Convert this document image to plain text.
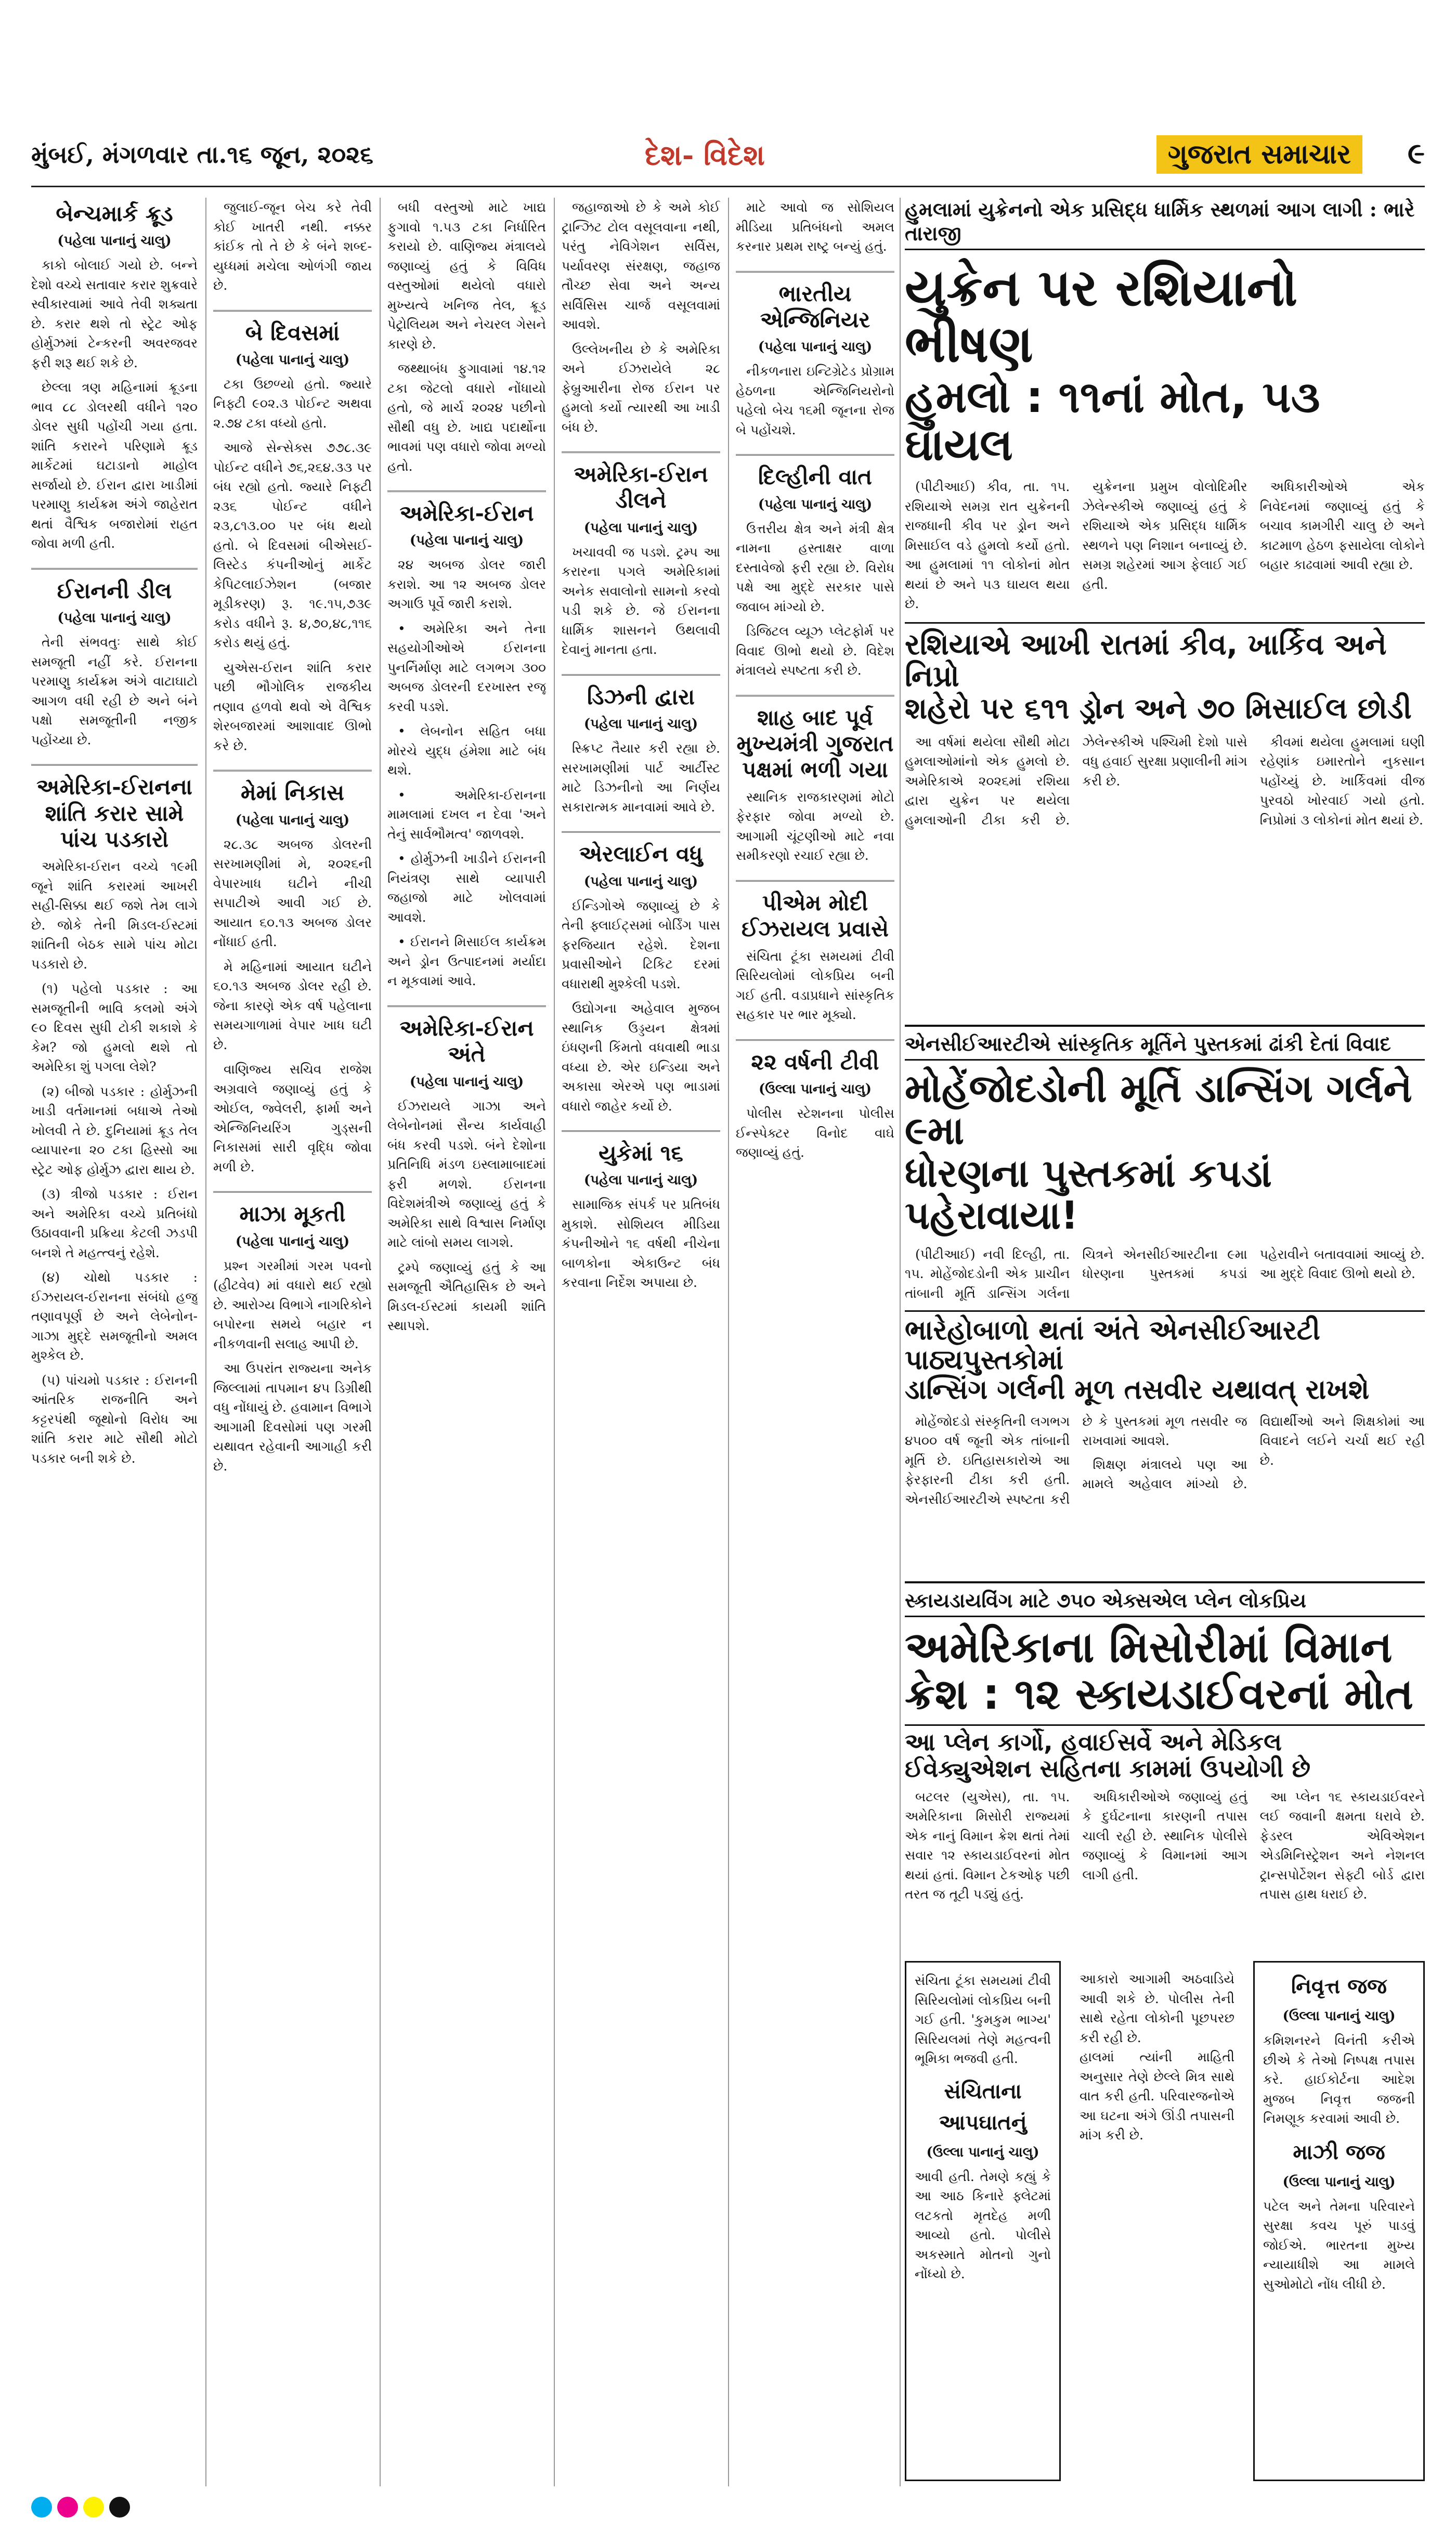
મુંબઈ, મંગળવાર તા.૧૬ જૂન, ૨૦૨૬	દેશ- વિદેશ	ગુજરાત સમાચાર	૯
બેન્ચમાર્ક ક્રૂડ
(પહેલા પાનાનું ચાલુ)

કાકો બોલાઈ ગયો છે. બન્ને દેશો વચ્ચે સતાવાર કરાર શુક્રવારે સ્વીકારવામાં આવે તેવી શક્યતા છે. કરાર થશે તો સ્ટ્રેટ ઓફ હોર્મુઝમાં ટેન્કરની અવરજવર ફરી શરૂ થઈ શકે છે.

છેલ્લા ત્રણ મહિનામાં ક્રૂડના ભાવ ૮૮ ડોલરથી વધીને ૧૨૦ ડોલર સુધી પહોંચી ગયા હતા. શાંતિ કરારને પરિણામે ક્રૂડ માર્કેટમાં ઘટાડાનો માહોલ સર્જાયો છે. ઈરાન દ્વારા ખાડીમાં પરમાણુ કાર્યક્રમ અંગે જાહેરાત થતાં વૈશ્વિક બજારોમાં રાહત જોવા મળી હતી.

ઈરાનની ડીલ
(પહેલા પાનાનું ચાલુ)

તેની સંભવતુઃ સાથે કોઈ સમજૂતી નહીં કરે. ઈરાનના પરમાણુ કાર્યક્રમ અંગે વાટાઘાટો આગળ વધી રહી છે અને બંને પક્ષો સમજૂતીની નજીક પહોંચ્યા છે.

અમેરિકા-ઈરાનના શાંતિ કરાર સામે પાંચ પડકારો

અમેરિકા-ઈરાન વચ્ચે ૧૯મી જૂને શાંતિ કરારમાં આખરી સહી-સિક્કા થઈ જશે તેમ લાગે છે. જોકે તેની મિડલ-ઈસ્ટમાં શાંતિની બેઠક સામે પાંચ મોટા પડકારો છે.

(૧) પહેલો પડકાર : આ સમજૂતીની ભાવિ કલમો અંગે ૯૦ દિવસ સુધી ટોકી શકાશે કે કેમ? જો હુમલો થશે તો અમેરિકા શું પગલા લેશે?

(૨) બીજો પડકાર : હોર્મુઝની ખાડી વર્તમાનમાં બધાએ તેઓ ખોલવી તે છે. દુનિયામાં ક્રૂડ તેલ વ્યાપારના ૨૦ ટકા હિસ્સો આ સ્ટ્રેટ ઓફ હોર્મુઝ દ્વારા થાય છે.

(૩) ત્રીજો પડકાર : ઈરાન અને અમેરિકા વચ્ચે પ્રતિબંધો ઉઠાવવાની પ્રક્રિયા કેટલી ઝડપી બનશે તે મહત્ત્વનું રહેશે.

(૪) ચોથો પડકાર : ઈઝરાયલ-ઈરાનના સંબંધો હજુ તણાવપૂર્ણ છે અને લેબેનોન-ગાઝા મુદ્દે સમજૂતીનો અમલ મુશ્કેલ છે.

(૫) પાંચમો પડકાર : ઈરાનની આંતરિક રાજનીતિ અને કટ્ટરપંથી જૂથોનો વિરોધ આ શાંતિ કરાર માટે સૌથી મોટો પડકાર બની શકે છે.

જુલાઈ-જૂન બેચ કરે તેવી કોઈ ખાતરી નથી. નક્કર કાંઈક તો તે છે કે બંને શબ્દ-યુધ્ધમાં મચેલા ઓળંગી જાય છે.

બે દિવસમાં
(પહેલા પાનાનું ચાલુ)

ટકા ઉછળ્યો હતો. જ્યારે નિફ્ટી ૯૦૨.૩ પોઈન્ટ અથવા ૨.૭૪ ટકા વધ્યો હતો.

આજે સેન્સેક્સ ૭૭૮.૩૯ પોઈન્ટ વધીને ૭૬,૨૬૪.૩૩ પર બંધ રહ્યો હતો. જ્યારે નિફ્ટી ૨૩૬ પોઈન્ટ વધીને ૨૩,૮૧૩.૦૦ પર બંધ થયો હતો. બે દિવસમાં બીએસઈ-લિસ્ટેડ કંપનીઓનું માર્કેટ કેપિટલાઈઝેશન (બજાર મૂડીકરણ) રૂ. ૧૯.૧૫,૭૩૯ કરોડ વધીને રૂ. ૪,૭૦,૪૮,૧૧૬ કરોડ થયું હતું.

યુએસ-ઈરાન શાંતિ કરાર પછી ભૌગોલિક રાજકીય તણાવ હળવો થવો એ વૈશ્વિક શેરબજારમાં આશાવાદ ઊભો કરે છે.

મેમાં નિકાસ
(પહેલા પાનાનું ચાલુ)

૨૮.૩૮ અબજ ડોલરની સરખામણીમાં મે, ૨૦૨૬ની વેપારખાધ ઘટીને નીચી સપાટીએ આવી ગઈ છે. આયાત ૬૦.૧૩ અબજ ડોલર નોંધાઈ હતી.

મે મહિનામાં આયાત ઘટીને ૬૦.૧૩ અબજ ડોલર રહી છે. જેના કારણે એક વર્ષ પહેલાના સમયગાળામાં વેપાર ખાધ ઘટી છે.

વાણિજ્ય સચિવ રાજેશ અગ્રવાલે જણાવ્યું હતું કે ઓઈલ, જ્વેલરી, ફાર્મા અને એન્જિનિયરિંગ ગુડ્સની નિકાસમાં સારી વૃદ્ધિ જોવા મળી છે.

માઝા મૂકતી
(પહેલા પાનાનું ચાલુ)

પ્રશ્ન ગરમીમાં ગરમ પવનો (હીટવેવ) માં વધારો થઈ રહ્યો છે. આરોગ્ય વિભાગે નાગરિકોને બપોરના સમયે બહાર ન નીકળવાની સલાહ આપી છે.

આ ઉપરાંત રાજ્યના અનેક જિલ્લામાં તાપમાન ૪૫ ડિગ્રીથી વધુ નોંધાયું છે. હવામાન વિભાગે આગામી દિવસોમાં પણ ગરમી યથાવત રહેવાની આગાહી કરી છે.

બધી વસ્તુઓ માટે ખાદ્ય ફુગાવો ૧.૫૩ ટકા નિર્ધારિત કરાયો છે. વાણિજ્ય મંત્રાલયે જણાવ્યું હતું કે વિવિધ વસ્તુઓમાં થયેલો વધારો મુખ્યત્વે ખનિજ તેલ, ક્રૂડ પેટ્રોલિયમ અને નેચરલ ગેસને કારણે છે.

જથ્થાબંધ ફુગાવામાં ૧૪.૧૨ ટકા જેટલો વધારો નોંધાયો હતો, જે માર્ચ ૨૦૨૪ પછીનો સૌથી વધુ છે. ખાદ્ય પદાર્થોના ભાવમાં પણ વધારો જોવા મળ્યો હતો.

અમેરિકા-ઈરાન
(પહેલા પાનાનું ચાલુ)

૨૪ અબજ ડોલર જારી કરાશે. આ ૧૨ અબજ ડોલર અગાઉ પૂર્વે જારી કરાશે.

• અમેરિકા અને તેના સહયોગીઓએ ઈરાનના પુનર્નિર્માણ માટે લગભગ ૩૦૦ અબજ ડોલરની દરખાસ્ત રજૂ કરવી પડશે.

• લેબનોન સહિત બધા મોરચે યુદ્ધ હંમેશા માટે બંધ થશે.

• અમેરિકા-ઈરાનના મામલામાં દખલ ન દેવા 'અને તેનું સાર્વભૌમત્વ' જાળવશે.

• હોર્મુઝની ખાડીને ઈરાનની નિયંત્રણ સાથે વ્યાપારી જહાજો માટે ખોલવામાં આવશે.

• ઈરાનને મિસાઈલ કાર્યક્રમ અને ડ્રોન ઉત્પાદનમાં મર્યાદા ન મૂકવામાં આવે.

અમેરિકા-ઈરાન અંતે
(પહેલા પાનાનું ચાલુ)

ઈઝરાયલે ગાઝા અને લેબેનોનમાં સૈન્ય કાર્યવાહી બંધ કરવી પડશે. બંને દેશોના પ્રતિનિધિ મંડળ ઇસ્લામાબાદમાં ફરી મળશે. ઈરાનના વિદેશમંત્રીએ જણાવ્યું હતું કે અમેરિકા સાથે વિશ્વાસ નિર્માણ માટે લાંબો સમય લાગશે.

ટ્રમ્પે જણાવ્યું હતું કે આ સમજૂતી ઐતિહાસિક છે અને મિડલ-ઈસ્ટમાં કાયમી શાંતિ સ્થાપશે.

જહાજાઓ છે કે અમે કોઈ ટ્રાન્ઝિટ ટોલ વસૂલવાના નથી, પરંતુ નેવિગેશન સર્વિસ, પર્યાવરણ સંરક્ષણ, જહાજ તૌચ્છ સેવા અને અન્ય સર્વિસિસ ચાર્જ વસૂલવામાં આવશે.

ઉલ્લેખનીય છે કે અમેરિકા અને ઈઝરાયેલે ૨૮ ફેબ્રુઆરીના રોજ ઈરાન પર હુમલો કર્યો ત્યારથી આ ખાડી બંધ છે.

અમેરિકા-ઈરાન ડીલને
(પહેલા પાનાનું ચાલુ)

ખચાવવી જ પડશે. ટ્રમ્પ આ કરારના પગલે અમેરિકામાં અનેક સવાલોનો સામનો કરવો પડી શકે છે. જે ઈરાનના ધાર્મિક શાસનને ઉથલાવી દેવાનું માનતા હતા.

ડિઝની દ્વારા
(પહેલા પાનાનું ચાલુ)

સ્ક્રિપ્ટ તૈયાર કરી રહ્યા છે. સરખામણીમાં પાર્ટ આર્ટીસ્ટ માટે ડિઝનીનો આ નિર્ણય સકારાત્મક માનવામાં આવે છે.

એરલાઈન વધુ
(પહેલા પાનાનું ચાલુ)

ઈન્ડિગોએ જણાવ્યું છે કે તેની ફ્લાઈટ્સમાં બોર્ડિંગ પાસ ફરજિયાત રહેશે. દેશના પ્રવાસીઓને ટિકિટ દરમાં વધારાથી મુશ્કેલી પડશે.

ઉદ્યોગના અહેવાલ મુજબ સ્થાનિક ઉડ્ડયન ક્ષેત્રમાં ઇંધણની કિંમતો વધવાથી ભાડા વધ્યા છે. એર ઇન્ડિયા અને અકાસા એરએ પણ ભાડામાં વધારો જાહેર કર્યો છે.

યુકેમાં ૧૬
(પહેલા પાનાનું ચાલુ)

સામાજિક સંપર્ક પર પ્રતિબંધ મુકાશે. સોશિયલ મીડિયા કંપનીઓને ૧૬ વર્ષથી નીચેના બાળકોના એકાઉન્ટ બંધ કરવાના નિર્દેશ અપાયા છે.

માટે આવો જ સોશિયલ મીડિયા પ્રતિબંધનો અમલ કરનાર પ્રથમ રાષ્ટ્ર બન્યું હતું.

ભારતીય એન્જિનિયર
(પહેલા પાનાનું ચાલુ)

નીકળનારા ઇન્ટિગ્રેટેડ પ્રોગ્રામ હેઠળના એન્જિનિયરોનો પહેલો બેચ ૧૬મી જૂનના રોજ બે પહોંચશે.

દિલ્હીની વાત
(પહેલા પાનાનું ચાલુ)

ઉત્તરીય ક્ષેત્ર અને મંત્રી ક્ષેત્ર નામના હસ્તાક્ષર વાળા દસ્તાવેજો ફરી રહ્યા છે. વિરોધ પક્ષે આ મુદ્દે સરકાર પાસે જવાબ માંગ્યો છે.

ડિજિટલ વ્યૂઝ પ્લેટફોર્મ પર વિવાદ ઊભો થયો છે. વિદેશ મંત્રાલયે સ્પષ્ટતા કરી છે.

શાહ બાદ પૂર્વ મુખ્યમંત્રી ગુજરાત પક્ષમાં ભળી ગયા

સ્થાનિક રાજકારણમાં મોટો ફેરફાર જોવા મળ્યો છે. આગામી ચૂંટણીઓ માટે નવા સમીકરણો રચાઈ રહ્યા છે.

પીએમ મોદી ઈઝરાયલ પ્રવાસે

સંચિતા ટૂંકા સમયમાં ટીવી સિરિયલોમાં લોકપ્રિય બની ગઈ હતી. વડાપ્રધાને સાંસ્કૃતિક સહકાર પર ભાર મૂક્યો.

૨૨ વર્ષની ટીવી
(ઉલ્લા પાનાનું ચાલુ)

પોલીસ સ્ટેશનના પોલીસ ઈન્સ્પેક્ટર વિનોદ વાઘે જણાવ્યું હતું.

હુમલામાં યુક્રેનનો એક પ્રસિદ્ધ ધાર્મિક સ્થળમાં આગ લાગી : ભારે તારાજી
યુક્રેન પર રશિયાનો ભીષણ
હુમલો : ૧૧નાં મોત, ૫૩ ઘાયલ

(પીટીઆઈ) કીવ, તા. ૧૫. રશિયાએ સમગ્ર રાત યુક્રેનની રાજધાની કીવ પર ડ્રોન અને મિસાઈલ વડે હુમલો કર્યો હતો. આ હુમલામાં ૧૧ લોકોનાં મોત થયાં છે અને ૫૩ ઘાયલ થયા છે.

યુક્રેનના પ્રમુખ વોલોદિમીર ઝેલેન્સ્કીએ જણાવ્યું હતું કે રશિયાએ એક પ્રસિદ્ધ ધાર્મિક સ્થળને પણ નિશાન બનાવ્યું છે. સમગ્ર શહેરમાં આગ ફેલાઈ ગઈ હતી.

અધિકારીઓએ એક નિવેદનમાં જણાવ્યું હતું કે બચાવ કામગીરી ચાલુ છે અને કાટમાળ હેઠળ ફસાયેલા લોકોને બહાર કાઢવામાં આવી રહ્યા છે.

રશિયાએ આખી રાતમાં કીવ, ખાર્કિવ અને નિપ્રો
શહેરો પર ૬૧૧ ડ્રોન અને ૭૦ મિસાઈલ છોડી

આ વર્ષમાં થયેલા સૌથી મોટા હુમલાઓમાંનો એક હુમલો છે. અમેરિકાએ ૨૦૨૬માં રશિયા દ્વારા યુક્રેન પર થયેલા હુમલાઓની ટીકા કરી છે. ઝેલેન્સ્કીએ પશ્ચિમી દેશો પાસે વધુ હવાઈ સુરક્ષા પ્રણાલીની માંગ કરી છે.

કીવમાં થયેલા હુમલામાં ઘણી રહેણાંક ઇમારતોને નુકસાન પહોંચ્યું છે. ખાર્કિવમાં વીજ પુરવઠો ખોરવાઈ ગયો હતો. નિપ્રોમાં ૩ લોકોનાં મોત થયાં છે.

એનસીઈઆરટીએ સાંસ્કૃતિક મૂર્તિને પુસ્તકમાં ઢાંકી દેતાં વિવાદ
મોહેંજોદડોની મૂર્તિ ડાન્સિંગ ગર્લને ૯મા
ધોરણના પુસ્તકમાં કપડાં પહેરાવાયા!

(પીટીઆઈ) નવી દિલ્હી, તા. ૧૫. મોહેંજોદડોની એક પ્રાચીન તાંબાની મૂર્તિ ડાન્સિંગ ગર્લના ચિત્રને એનસીઈઆરટીના ૯મા ધોરણના પુસ્તકમાં કપડાં પહેરાવીને બતાવવામાં આવ્યું છે. આ મુદ્દે વિવાદ ઊભો થયો છે.

ભારેહોબાળો થતાં અંતે એનસીઈઆરટી પાઠ્યપુસ્તકોમાં
ડાન્સિંગ ગર્લની મૂળ તસવીર યથાવત્ રાખશે

મોહેંજોદડો સંસ્કૃતિની લગભગ ૪૫૦૦ વર્ષ જૂની એક તાંબાની મૂર્તિ છે. ઇતિહાસકારોએ આ ફેરફારની ટીકા કરી હતી. એનસીઈઆરટીએ સ્પષ્ટતા કરી છે કે પુસ્તકમાં મૂળ તસવીર જ રાખવામાં આવશે.

શિક્ષણ મંત્રાલયે પણ આ મામલે અહેવાલ માંગ્યો છે. વિદ્યાર્થીઓ અને શિક્ષકોમાં આ વિવાદને લઈને ચર્ચા થઈ રહી છે.

સ્કાયડાયવિંગ માટે ૭૫૦ એક્સએલ પ્લેન લોકપ્રિય
અમેરિકાના મિસોરીમાં વિમાન
ક્રેશ : ૧૨ સ્કાયડાઈવરનાં મોત
આ પ્લેન કાર્ગો, હવાઈસર્વે અને મેડિકલ
ઈવેક્યુએશન સહિતના કામમાં ઉપયોગી છે

બટલર (યુએસ), તા. ૧૫. અમેરિકાના મિસોરી રાજ્યમાં એક નાનું વિમાન ક્રેશ થતાં તેમાં સવાર ૧૨ સ્કાયડાઈવરનાં મોત થયાં હતાં. વિમાન ટેકઓફ પછી તરત જ તૂટી પડ્યું હતું.

અધિકારીઓએ જણાવ્યું હતું કે દુર્ઘટનાના કારણની તપાસ ચાલી રહી છે. સ્થાનિક પોલીસે જણાવ્યું કે વિમાનમાં આગ લાગી હતી.

આ પ્લેન ૧૬ સ્કાયડાઈવરને લઈ જવાની ક્ષમતા ધરાવે છે. ફેડરલ એવિએશન એડમિનિસ્ટ્રેશન અને નેશનલ ટ્રાન્સપોર્ટેશન સેફ્ટી બોર્ડ દ્વારા તપાસ હાથ ધરાઈ છે.

સંચિતા ટૂંકા સમયમાં ટીવી સિરિયલોમાં લોકપ્રિય બની ગઈ હતી. 'કુમકુમ ભાગ્ય' સિરિયલમાં તેણે મહત્વની ભૂમિકા ભજવી હતી.

સંચિતાના આપઘાતનું
(ઉલ્લા પાનાનું ચાલુ)

આવી હતી. તેમણે કહ્યું કે આ આઠ કિનારે ફ્લેટમાં લટકતો મૃતદેહ મળી આવ્યો હતો. પોલીસે અકસ્માતે મોતનો ગુનો નોંધ્યો છે.

આકારો આગામી અઠવાડિયે આવી શકે છે. પોલીસ તેની સાથે રહેતા લોકોની પૂછપરછ કરી રહી છે.

હાલમાં ત્યાંની માહિતી અનુસાર તેણે છેલ્લે મિત્ર સાથે વાત કરી હતી. પરિવારજનોએ આ ઘટના અંગે ઊંડી તપાસની માંગ કરી છે.

નિવૃત્ત જજ
(ઉલ્લા પાનાનું ચાલુ)

કમિશનરને વિનંતી કરીએ છીએ કે તેઓ નિષ્પક્ષ તપાસ કરે. હાઈકોર્ટના આદેશ મુજબ નિવૃત્ત જજની નિમણૂક કરવામાં આવી છે.

માઝી જજ
(ઉલ્લા પાનાનું ચાલુ)

પટેલ અને તેમના પરિવારને સુરક્ષા કવચ પૂરું પાડવું જોઈએ. ભારતના મુખ્ય ન્યાયાધીશે આ મામલે સુઓમોટો નોંધ લીધી છે.
